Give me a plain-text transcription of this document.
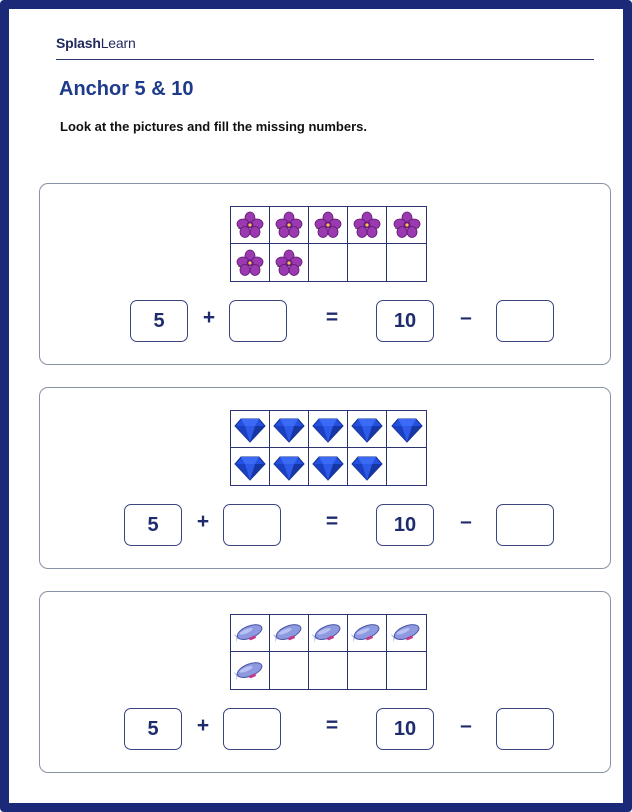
SplashLearn
Anchor 5 & 10
Look at the pictures and fill the missing numbers.
5	+	=	10	–
5	+	=	10	–
5	+	=	10	–
